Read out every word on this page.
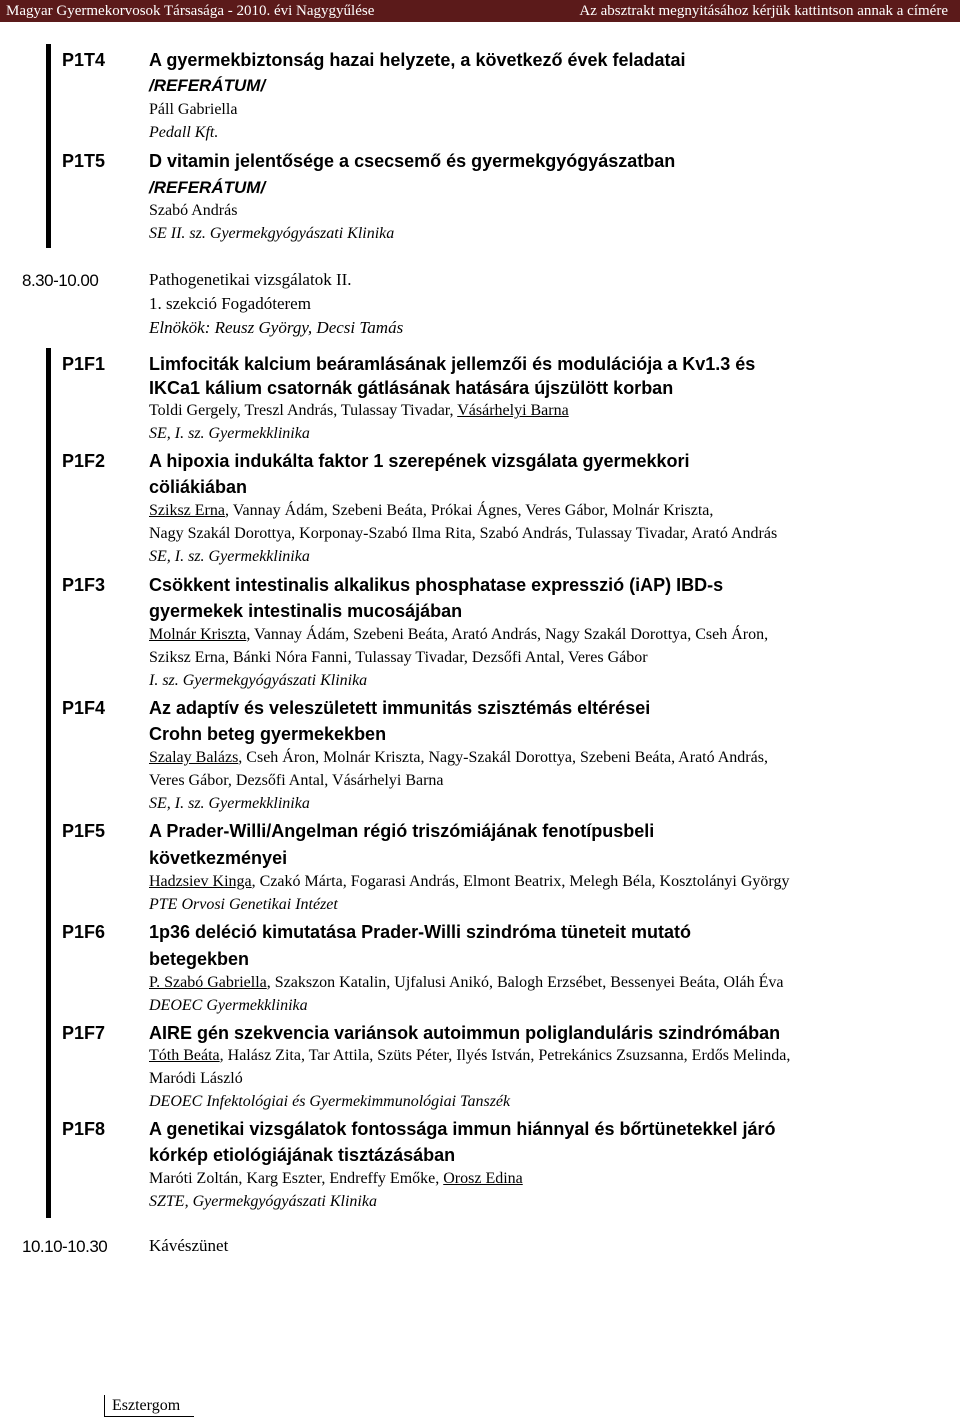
Magyar Gyermekorvosok Társasága - 2010. évi Nagygyűlése	Az absztrakt megnyitásához kérjük kattintson annak a címére
P1T4 A gyermekbiztonság hazai helyzete, a következő évek feladatai
/REFERÁTUM/
Páll Gabriella
Pedall Kft.
P1T5 D vitamin jelentősége a csecsemő és gyermekgyógyászatban
/REFERÁTUM/
Szabó András
SE II. sz. Gyermekgyógyászati Klinika
8.30-10.00	Pathogenetikai vizsgálatok II.
1. szekció Fogadóterem
Elnökök: Reusz György, Decsi Tamás
P1F1 Limfociták kalcium beáramlásának jellemzői és modulációja a Kv1.3 és
IKCa1 kálium csatornák gátlásának hatására újszülött korban
Toldi Gergely, Treszl András, Tulassay Tivadar, Vásárhelyi Barna
SE, I. sz. Gyermekklinika
P1F2 A hipoxia indukálta faktor 1 szerepének vizsgálata gyermekkori
cöliákiában
Sziksz Erna, Vannay Ádám, Szebeni Beáta, Prókai Ágnes, Veres Gábor, Molnár Kriszta,
Nagy Szakál Dorottya, Korponay-Szabó Ilma Rita, Szabó András, Tulassay Tivadar, Arató András
SE, I. sz. Gyermekklinika
P1F3 Csökkent intestinalis alkalikus phosphatase expresszió (iAP) IBD-s
gyermekek intestinalis mucosájában
Molnár Kriszta, Vannay Ádám, Szebeni Beáta, Arató András, Nagy Szakál Dorottya, Cseh Áron,
Sziksz Erna, Bánki Nóra Fanni, Tulassay Tivadar, Dezsőfi Antal, Veres Gábor
I. sz. Gyermekgyógyászati Klinika
P1F4 Az adaptív és veleszületett immunitás szisztémás eltérései
Crohn beteg gyermekekben
Szalay Balázs, Cseh Áron, Molnár Kriszta, Nagy-Szakál Dorottya, Szebeni Beáta, Arató András,
Veres Gábor, Dezsőfi Antal, Vásárhelyi Barna
SE, I. sz. Gyermekklinika
P1F5 A Prader-Willi/Angelman régió triszómiájának fenotípusbeli
következményei
Hadzsiev Kinga, Czakó Márta, Fogarasi András, Elmont Beatrix, Melegh Béla, Kosztolányi György
PTE Orvosi Genetikai Intézet
P1F6 1p36 deléció kimutatása Prader-Willi szindróma tüneteit mutató
betegekben
P. Szabó Gabriella, Szakszon Katalin, Ujfalusi Anikó, Balogh Erzsébet, Bessenyei Beáta, Oláh Éva
DEOEC Gyermekklinika
P1F7 AIRE gén szekvencia variánsok autoimmun poliglanduláris szindrómában
Tóth Beáta, Halász Zita, Tar Attila, Szüts Péter, Ilyés István, Petrekánics Zsuzsanna, Erdős Melinda,
Maródi László
DEOEC Infektológiai és Gyermekimmunológiai Tanszék
P1F8 A genetikai vizsgálatok fontossága immun hiánnyal és bőrtünetekkel járó
kórkép etiológiájának tisztázásában
Maróti Zoltán, Karg Eszter, Endreffy Emőke, Orosz Edina
SZTE, Gyermekgyógyászati Klinika
10.10-10.30 Kávészünet
Esztergom
